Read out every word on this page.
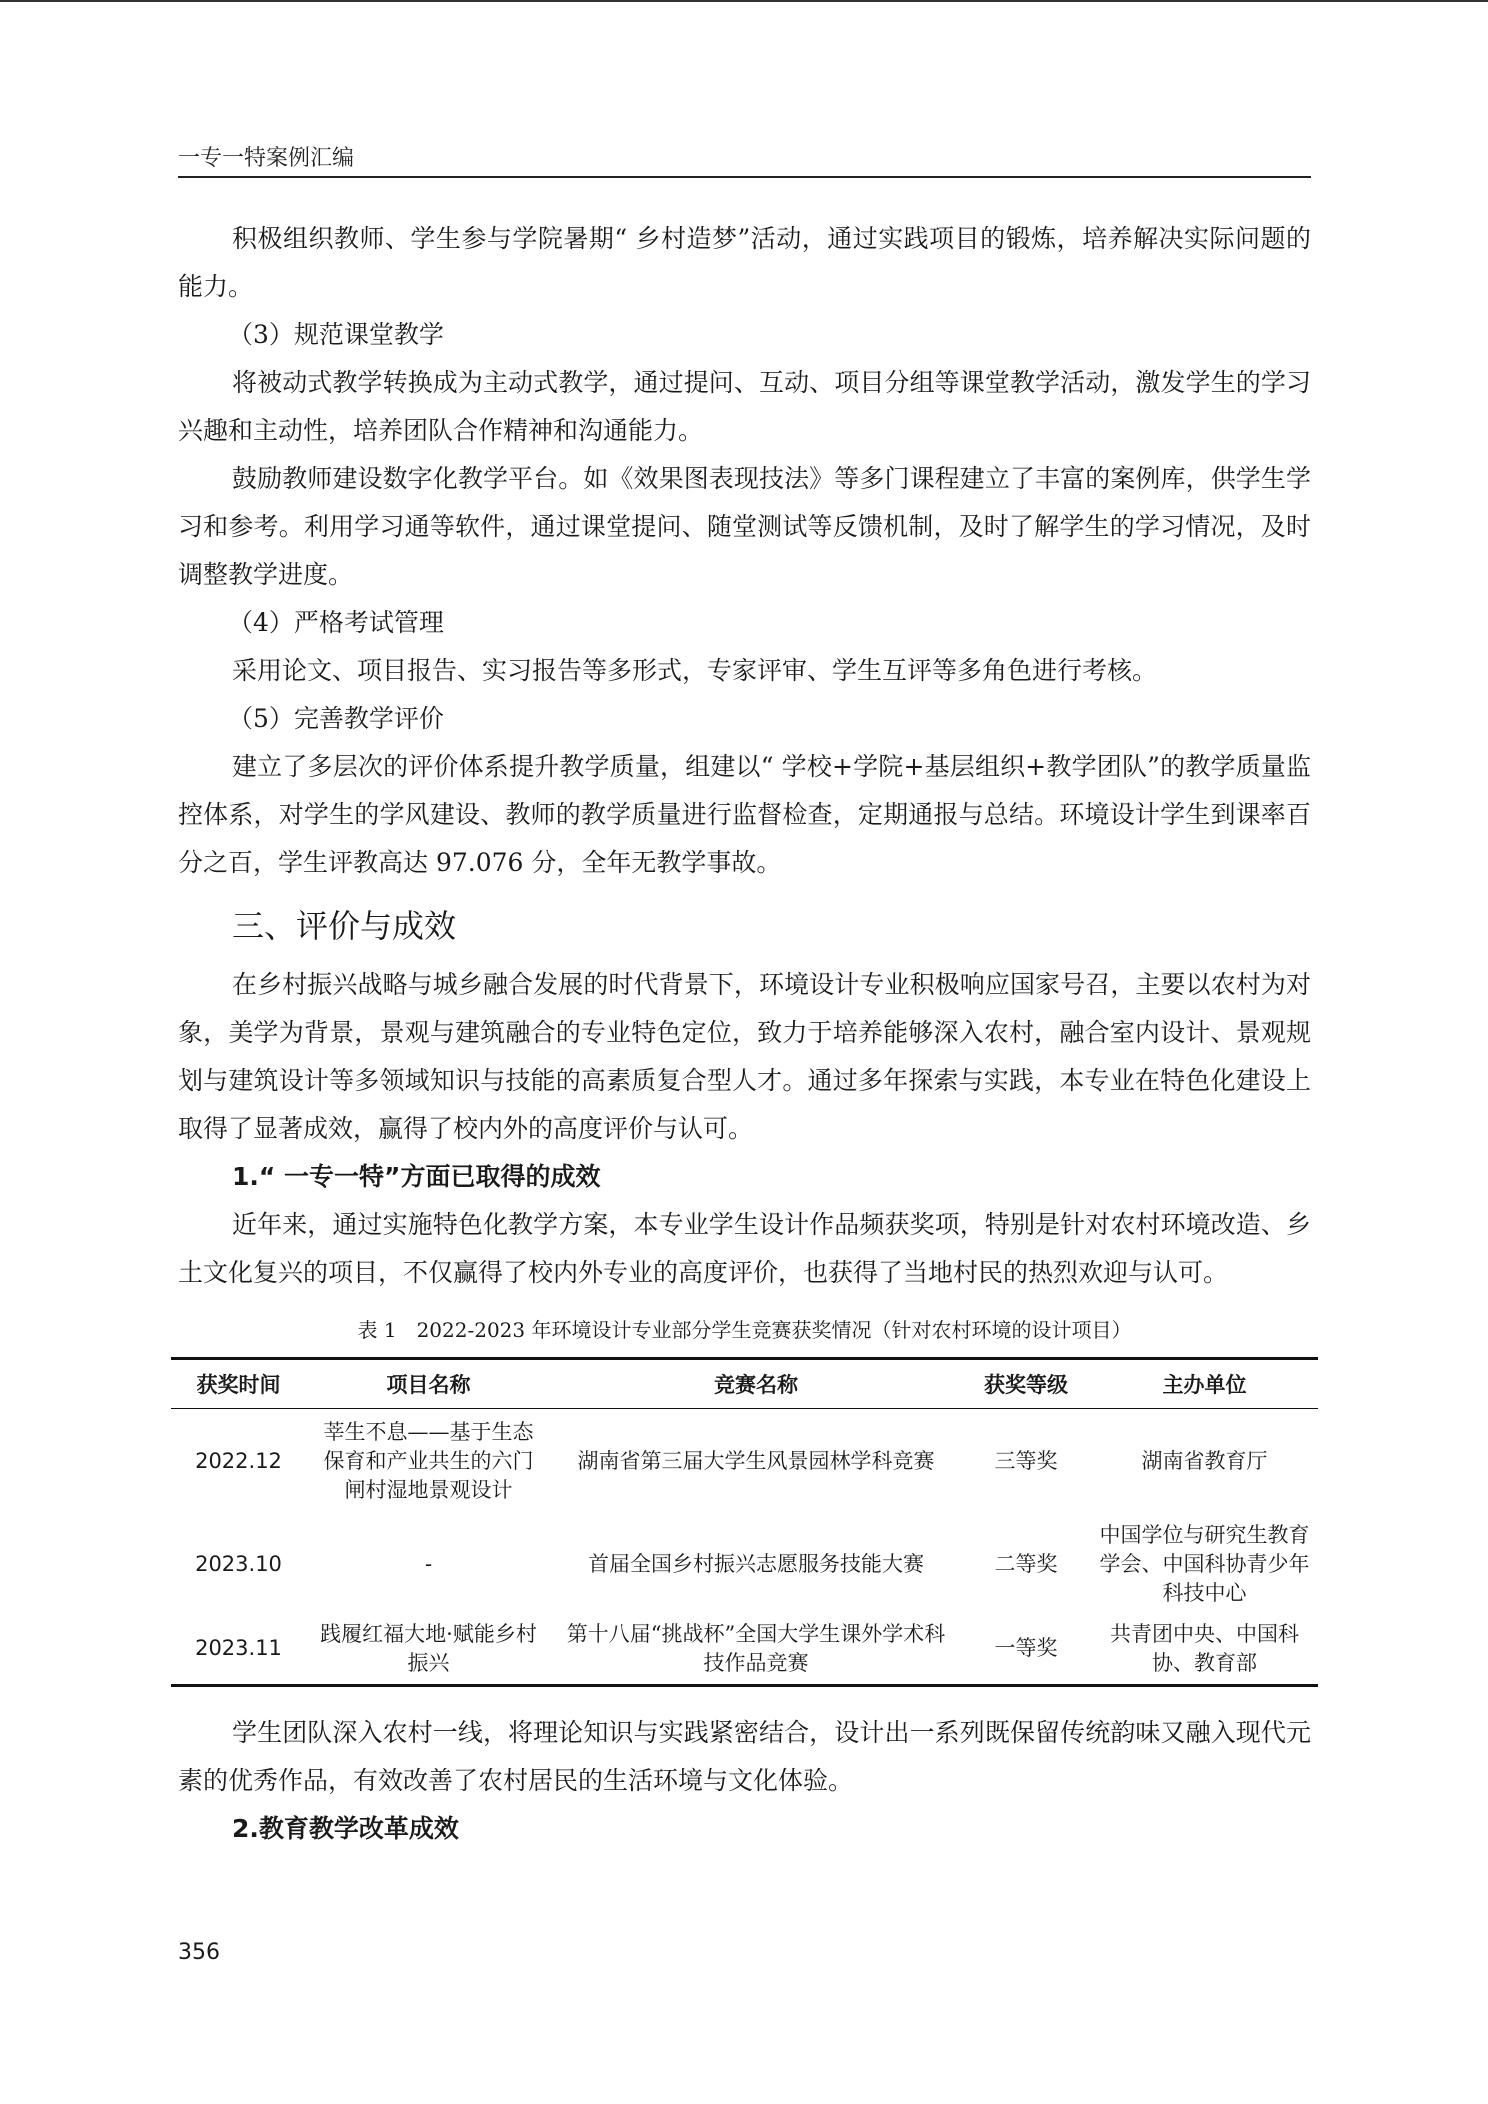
一专一特案例汇编

积极组织教师、学生参与学院暑期“ 乡村造梦”活动，通过实践项目的锻炼，培养解决实际问题的能力。

（3）规范课堂教学

将被动式教学转换成为主动式教学，通过提问、互动、项目分组等课堂教学活动，激发学生的学习兴趣和主动性，培养团队合作精神和沟通能力。

鼓励教师建设数字化教学平台。如《效果图表现技法》等多门课程建立了丰富的案例库，供学生学习和参考。利用学习通等软件，通过课堂提问、随堂测试等反馈机制，及时了解学生的学习情况，及时调整教学进度。

（4）严格考试管理

采用论文、项目报告、实习报告等多形式，专家评审、学生互评等多角色进行考核。

（5）完善教学评价

建立了多层次的评价体系提升教学质量，组建以“ 学校+学院+基层组织+教学团队”的教学质量监控体系，对学生的学风建设、教师的教学质量进行监督检查，定期通报与总结。环境设计学生到课率百分之百，学生评教高达 97.076 分，全年无教学事故。

三、评价与成效

在乡村振兴战略与城乡融合发展的时代背景下，环境设计专业积极响应国家号召，主要以农村为对象，美学为背景，景观与建筑融合的专业特色定位，致力于培养能够深入农村，融合室内设计、景观规划与建筑设计等多领域知识与技能的高素质复合型人才。通过多年探索与实践，本专业在特色化建设上取得了显著成效，赢得了校内外的高度评价与认可。

1.“ 一专一特”方面已取得的成效

近年来，通过实施特色化教学方案，本专业学生设计作品频获奖项，特别是针对农村环境改造、乡土文化复兴的项目，不仅赢得了校内外专业的高度评价，也获得了当地村民的热烈欢迎与认可。

表 1　2022-2023 年环境设计专业部分学生竞赛获奖情况（针对农村环境的设计项目）
获奖时间	项目名称	竞赛名称	获奖等级	主办单位
2022.12	莘生不息——基于生态保育和产业共生的六门闸村湿地景观设计	湖南省第三届大学生风景园林学科竞赛	三等奖	湖南省教育厅
2023.10	-	首届全国乡村振兴志愿服务技能大赛	二等奖	中国学位与研究生教育学会、中国科协青少年科技中心
2023.11	践履红福大地·赋能乡村振兴	第十八届“挑战杯”全国大学生课外学术科技作品竞赛	一等奖	共青团中央、中国科协、教育部

学生团队深入农村一线，将理论知识与实践紧密结合，设计出一系列既保留传统韵味又融入现代元素的优秀作品，有效改善了农村居民的生活环境与文化体验。

2.教育教学改革成效
356
